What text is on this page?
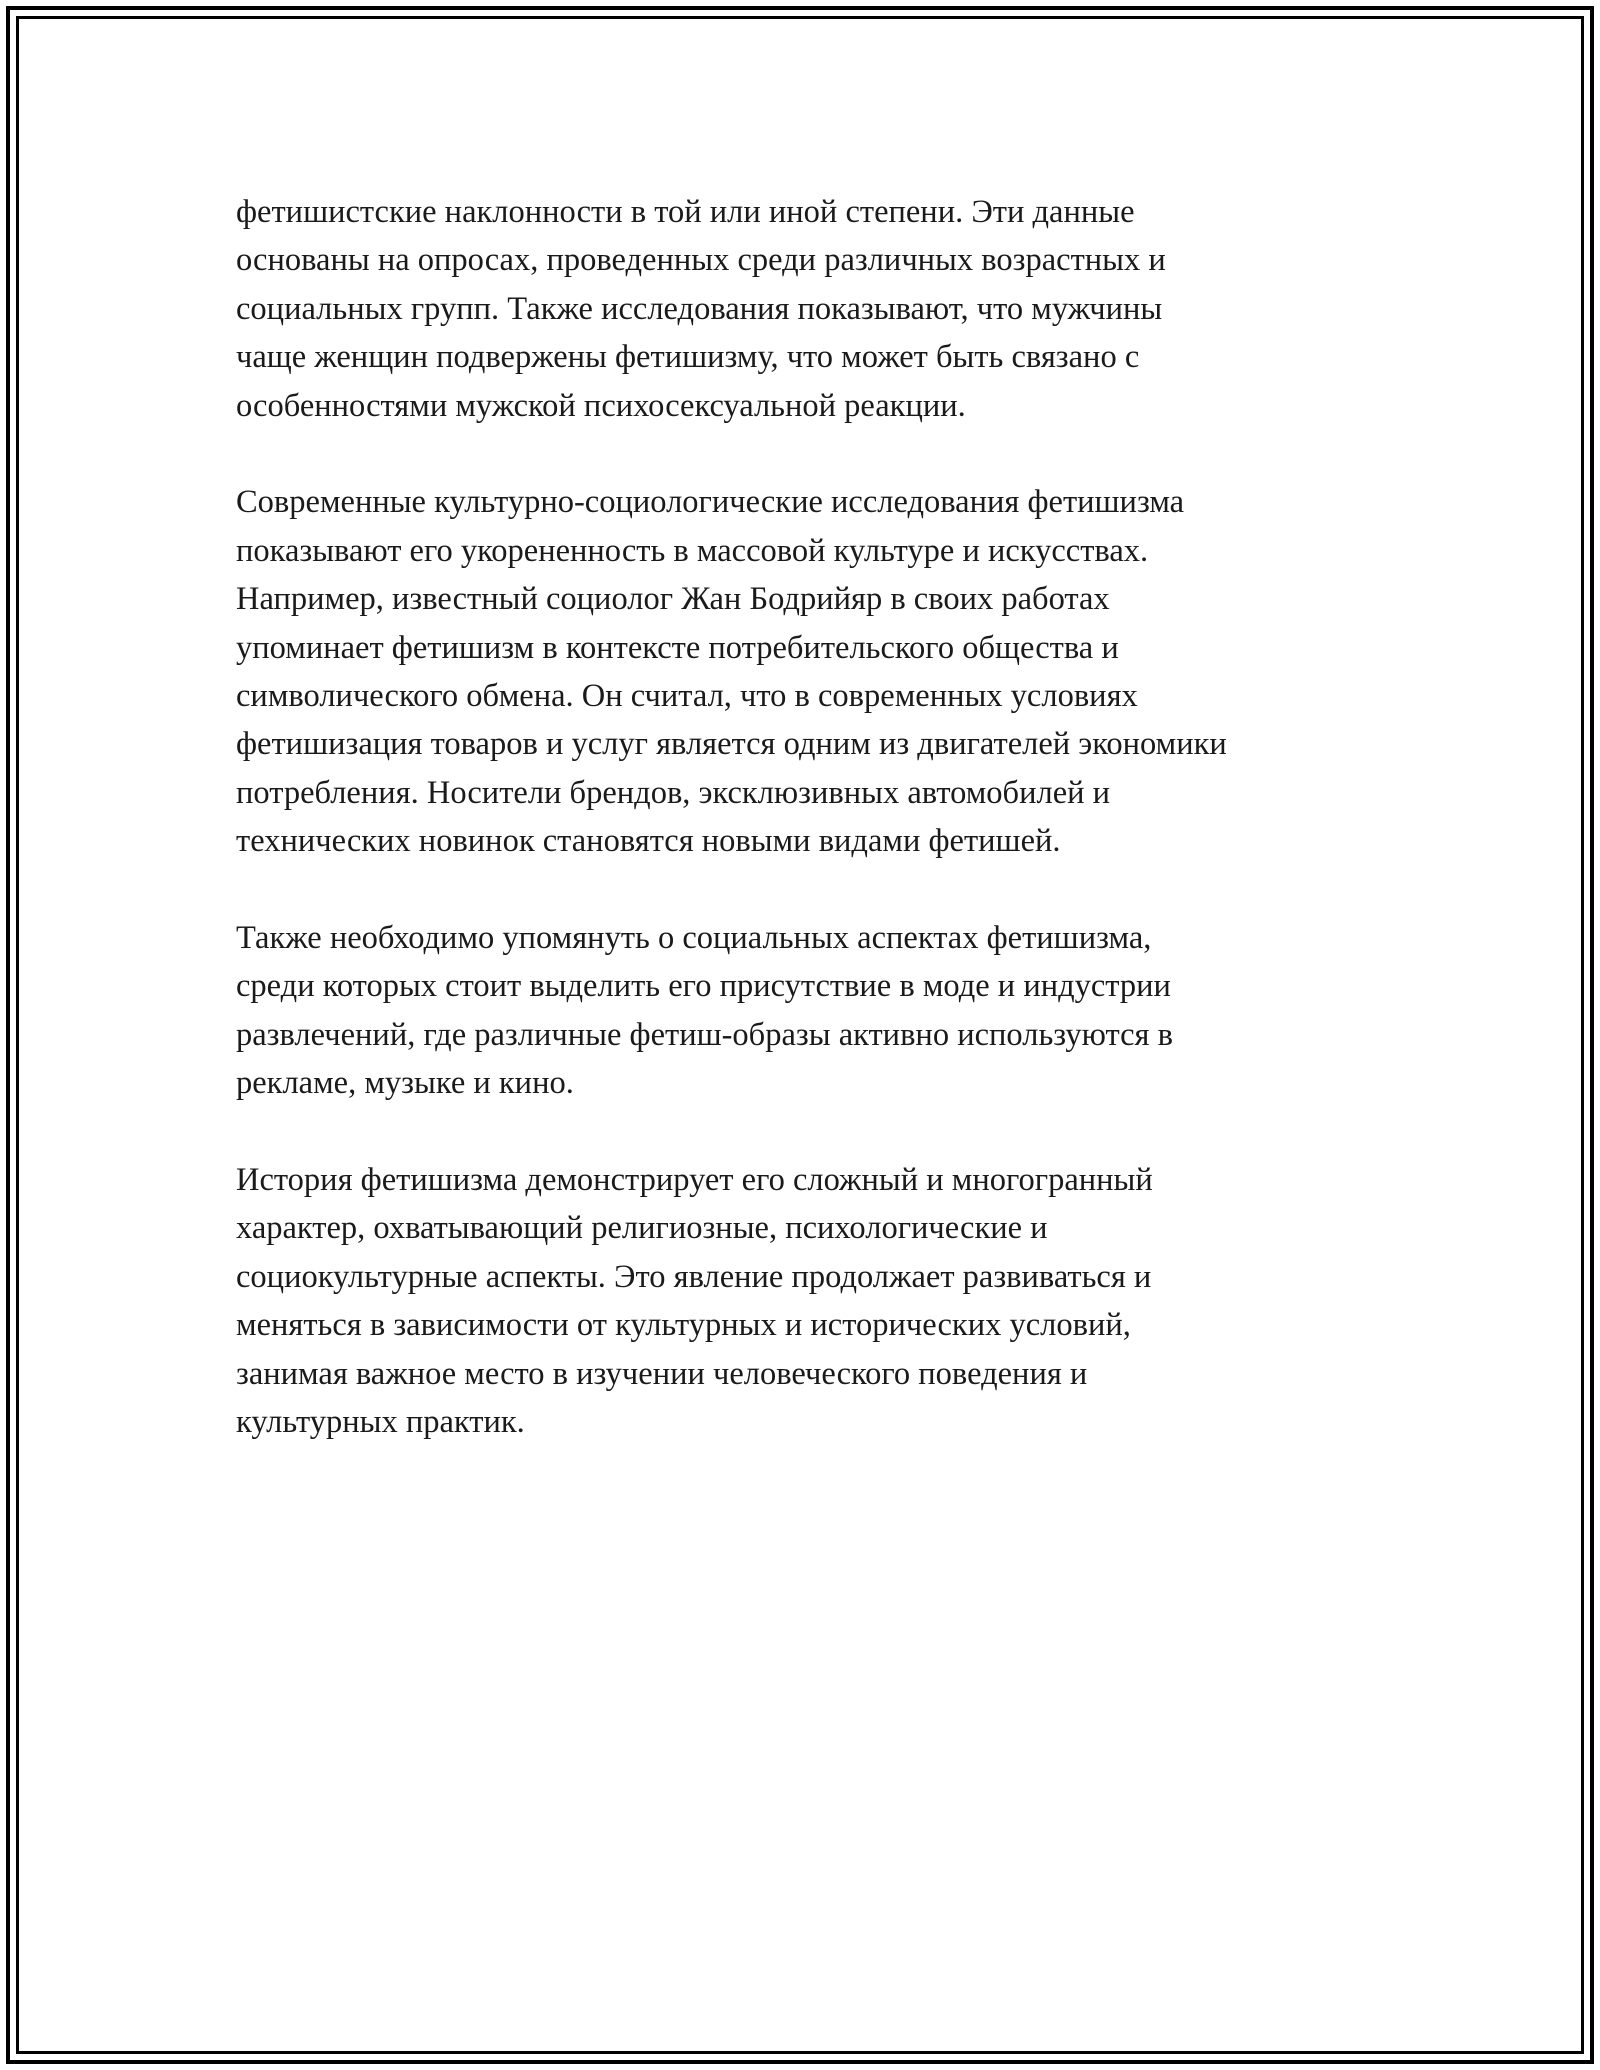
фетишистские наклонности в той или иной степени. Эти данные
основаны на опросах, проведенных среди различных возрастных и
социальных групп. Также исследования показывают, что мужчины
чаще женщин подвержены фетишизму, что может быть связано с
особенностями мужской психосексуальной реакции.

Современные культурно-социологические исследования фетишизма
показывают его укорененность в массовой культуре и искусствах.
Например, известный социолог Жан Бодрийяр в своих работах
упоминает фетишизм в контексте потребительского общества и
символического обмена. Он считал, что в современных условиях
фетишизация товаров и услуг является одним из двигателей экономики
потребления. Носители брендов, эксклюзивных автомобилей и
технических новинок становятся новыми видами фетишей.

Также необходимо упомянуть о социальных аспектах фетишизма,
среди которых стоит выделить его присутствие в моде и индустрии
развлечений, где различные фетиш-образы активно используются в
рекламе, музыке и кино.

История фетишизма демонстрирует его сложный и многогранный
характер, охватывающий религиозные, психологические и
социокультурные аспекты. Это явление продолжает развиваться и
меняться в зависимости от культурных и исторических условий,
занимая важное место в изучении человеческого поведения и
культурных практик.
